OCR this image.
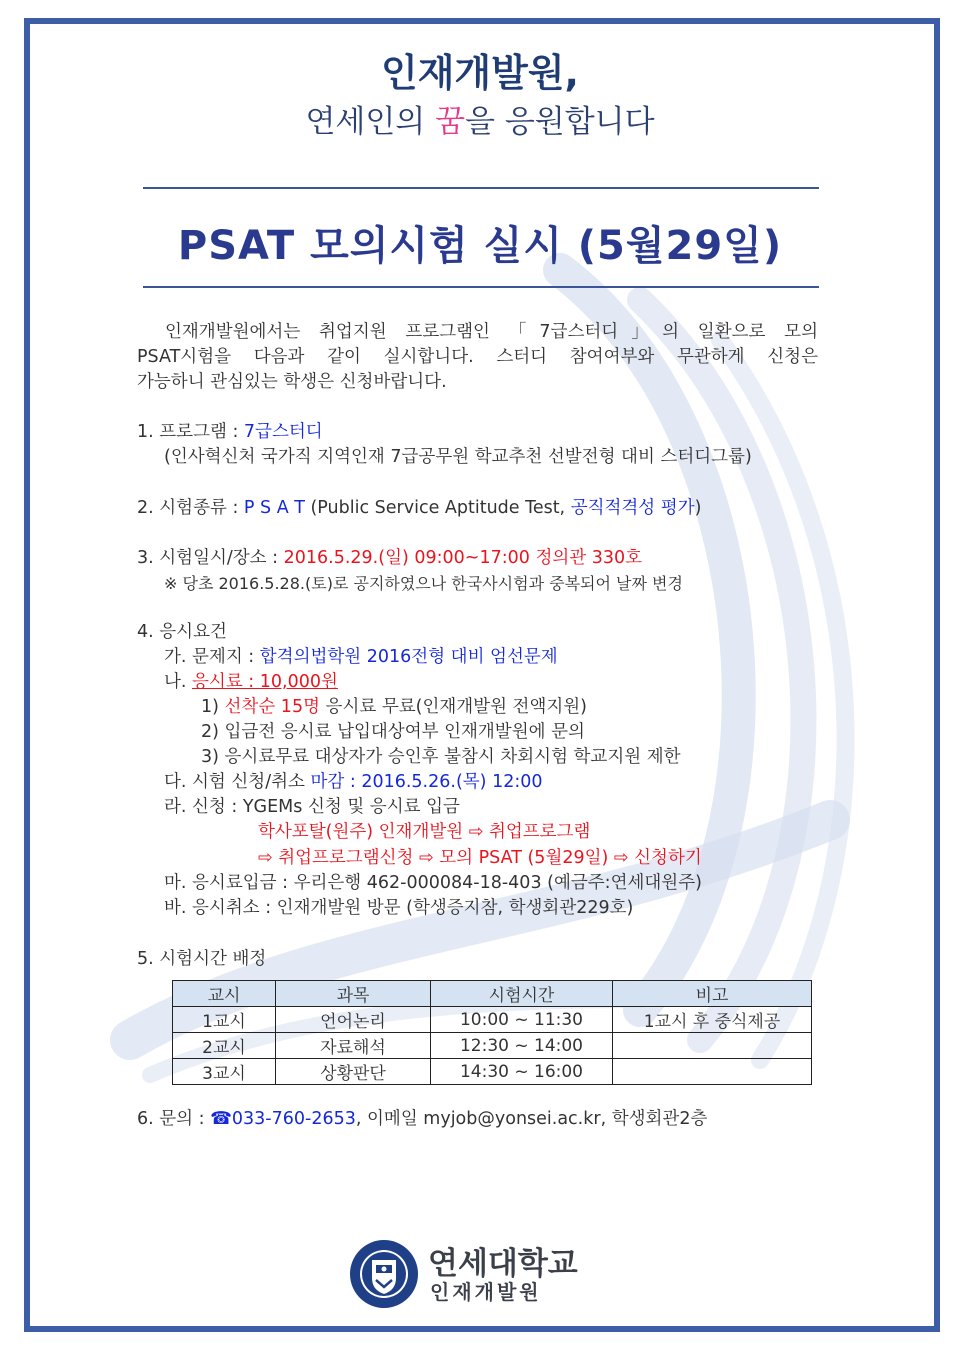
인재개발원,
연세인의 꿈을 응원합니다
PSAT 모의시험 실시 (5월29일)
인재개발원에서는 취업지원 프로그램인 「7급스터디」의 일환으로 모의
PSAT시험을 다음과 같이 실시합니다. 스터디 참여여부와 무관하게 신청은
가능하니 관심있는 학생은 신청바랍니다.
1. 프로그램 : 7급스터디
(인사혁신처 국가직 지역인재 7급공무원 학교추천 선발전형 대비 스터디그룹)
2. 시험종류 : P S A T (Public Service Aptitude Test, 공직적격성 평가)
3. 시험일시/장소 : 2016.5.29.(일) 09:00~17:00 정의관 330호
※ 당초 2016.5.28.(토)로 공지하였으나 한국사시험과 중복되어 날짜 변경
4. 응시요건
가. 문제지 : 합격의법학원 2016전형 대비 엄선문제
나. 응시료 : 10,000원
1) 선착순 15명 응시료 무료(인재개발원 전액지원)
2) 입금전 응시료 납입대상여부 인재개발원에 문의
3) 응시료무료 대상자가 승인후 불참시 차회시험 학교지원 제한
다. 시험 신청/취소 마감 : 2016.5.26.(목) 12:00
라. 신청 : YGEMs 신청 및 응시료 입금
학사포탈(원주) 인재개발원 ⇨ 취업프로그램
⇨ 취업프로그램신청 ⇨ 모의 PSAT (5월29일) ⇨ 신청하기
마. 응시료입금 : 우리은행 462-000084-18-403 (예금주:연세대원주)
바. 응시취소 : 인재개발원 방문 (학생증지참, 학생회관229호)
5. 시험시간 배정
교시	과목	시험시간	비고
1교시	언어논리	10:00 ~ 11:30	1교시 후 중식제공
2교시	자료해석	12:30 ~ 14:00	
3교시	상황판단	14:30 ~ 16:00	
6. 문의 : ☎033-760-2653, 이메일 myjob@yonsei.ac.kr, 학생회관2층
연세대학교
인재개발원
